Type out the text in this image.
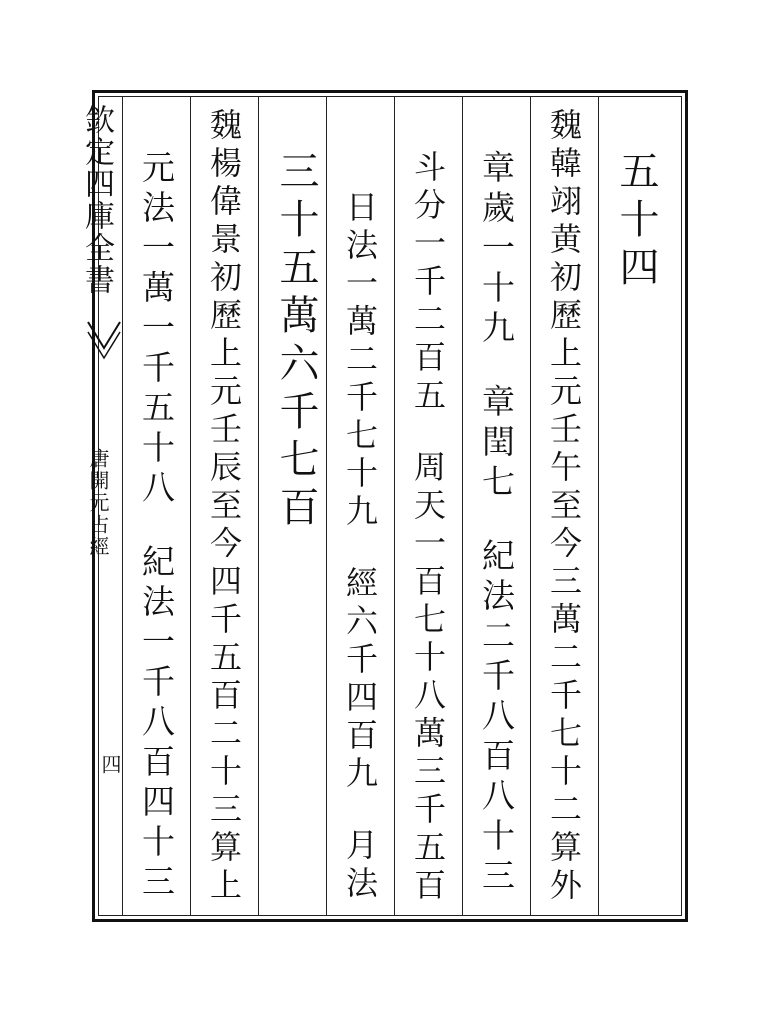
欽定四庫全書
唐開元占經
四
五十四
魏韓翊黄初歷上元壬午至今三萬二千七十二算外
章歲一十九章閏七紀法二千八百八十三
斗分一千二百五周天一百七十八萬三千五百
日法一萬二千七十九經六千四百九月法
三十五萬六千七百
魏楊偉景初歷上元壬辰至今四千五百二十三算上
元法一萬一千五十八紀法一千八百四十三
